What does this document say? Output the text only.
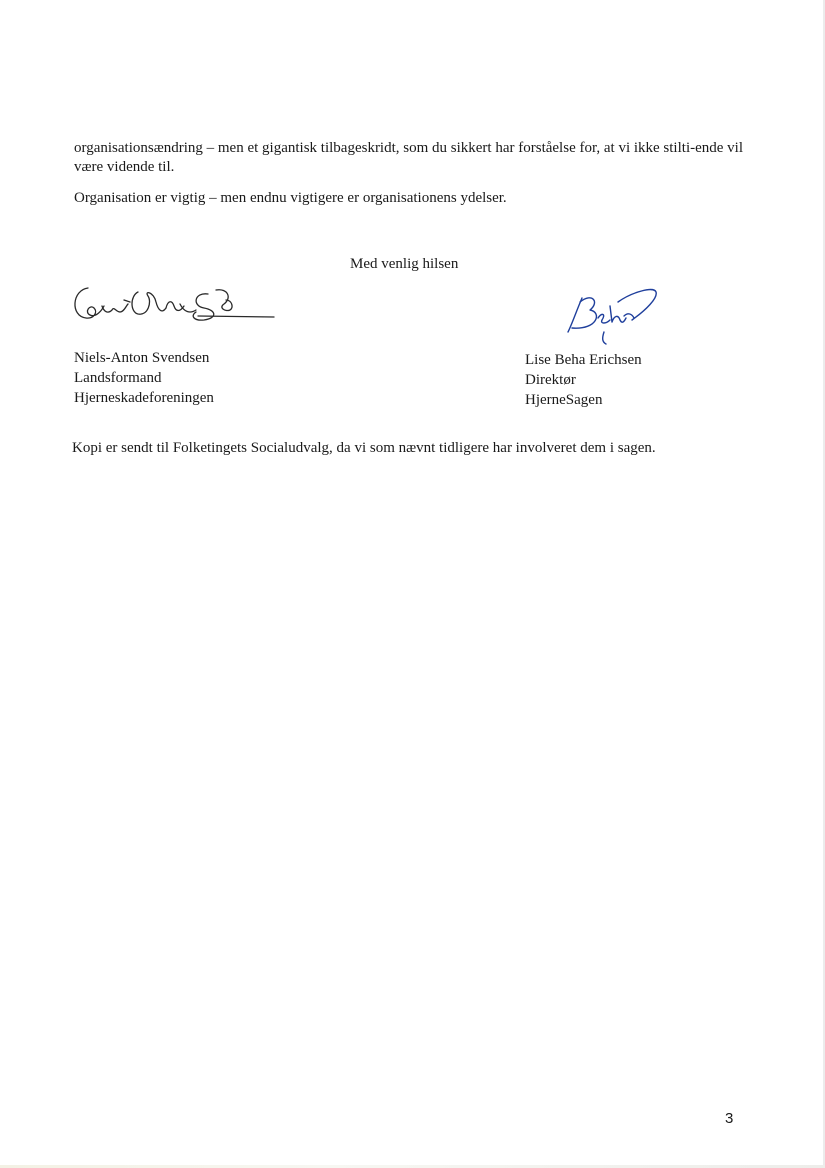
organisationsændring – men et gigantisk tilbageskridt, som du sikkert har forståelse for, at vi ikke stilti-ende vil være vidende til.

Organisation er vigtig – men endnu vigtigere er organisationens ydelser.

Med venlig hilsen
Niels-Anton Svendsen
Landsformand
Hjerneskadeforeningen
Lise Beha Erichsen
Direktør
HjerneSagen

Kopi er sendt til Folketingets Socialudvalg, da vi som nævnt tidligere har involveret dem i sagen.

3
